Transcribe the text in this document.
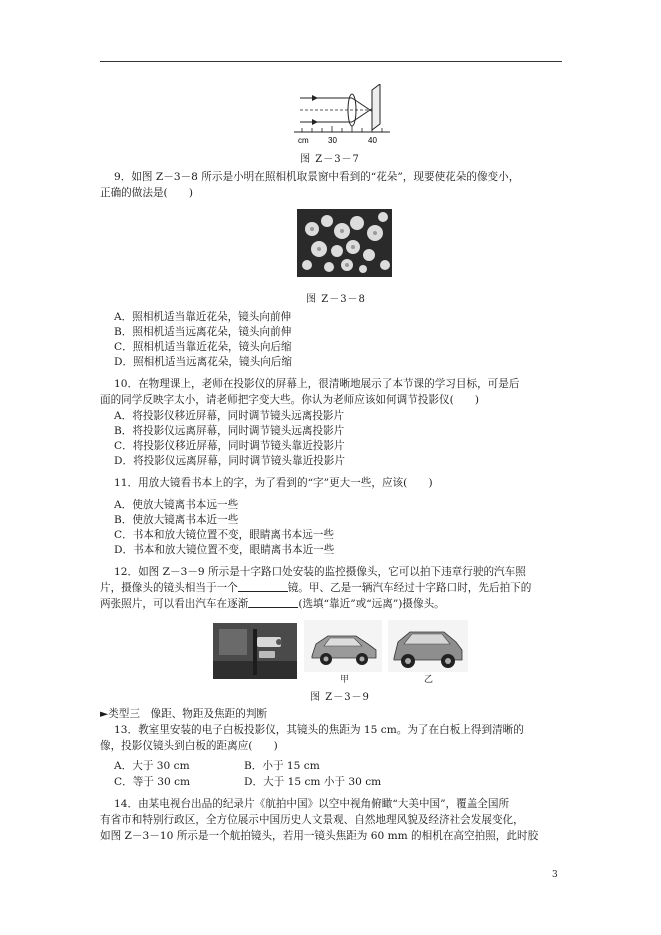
cm 30	40
图 Z－3－7
9．如图 Z－3－8 所示是小明在照相机取景窗中看到的“花朵”，现要使花朵的像变小，
正确的做法是(　　)
图 Z－3－8
A．照相机适当靠近花朵，镜头向前伸
B．照相机适当远离花朵，镜头向前伸
C．照相机适当靠近花朵，镜头向后缩
D．照相机适当远离花朵，镜头向后缩
10．在物理课上，老师在投影仪的屏幕上，很清晰地展示了本节课的学习目标，可是后
面的同学反映字太小，请老师把字变大些。你认为老师应该如何调节投影仪(　　)
A．将投影仪移近屏幕，同时调节镜头远离投影片
B．将投影仪远离屏幕，同时调节镜头远离投影片
C．将投影仪移近屏幕，同时调节镜头靠近投影片
D．将投影仪远离屏幕，同时调节镜头靠近投影片
11．用放大镜看书本上的字，为了看到的“字”更大一些，应该(　　)
A．使放大镜离书本远一些
B．使放大镜离书本近一些
C．书本和放大镜位置不变，眼睛离书本远一些
D．书本和放大镜位置不变，眼睛离书本近一些
12．如图 Z－3－9 所示是十字路口处安装的监控摄像头，它可以拍下违章行驶的汽车照
片，摄像头的镜头相当于一个	镜。甲、乙是一辆汽车经过十字路口时，先后拍下的
两张照片，可以看出汽车在逐渐	(选填“靠近”或“远离”)摄像头。
甲	乙
图 Z－3－9
►类型三　像距、物距及焦距的判断
13．教室里安装的电子白板投影仪，其镜头的焦距为 15 cm。为了在白板上得到清晰的
像，投影仪镜头到白板的距离应(　　)
A．大于 30 cm	B．小于 15 cm
C．等于 30 cm	D．大于 15 cm 小于 30 cm
14．由某电视台出品的纪录片《航拍中国》以空中视角俯瞰“大美中国”，覆盖全国所
有省市和特别行政区，全方位展示中国历史人文景观、自然地理风貌及经济社会发展变化，
如图 Z－3－10 所示是一个航拍镜头，若用一镜头焦距为 60 mm 的相机在高空拍照，此时胶
3
